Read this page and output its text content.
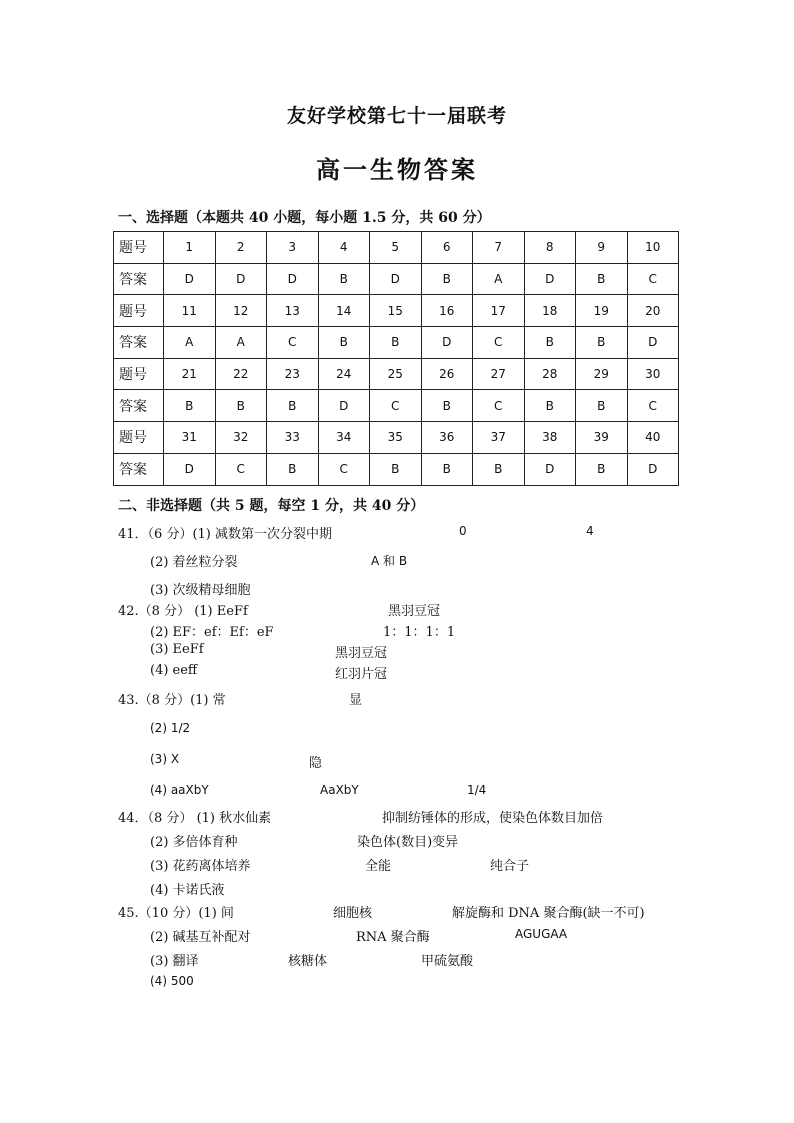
友好学校第七十一届联考
高一生物答案
一、选择题（本题共 40 小题，每小题 1.5 分，共 60 分）
题号	1	2	3	4	5	6	7	8	9	10
答案	D	D	D	B	D	B	A	D	B	C
题号	11	12	13	14	15	16	17	18	19	20
答案	A	A	C	B	B	D	C	B	B	D
题号	21	22	23	24	25	26	27	28	29	30
答案	B	B	B	D	C	B	C	B	B	C
题号	31	32	33	34	35	36	37	38	39	40
答案	D	C	B	C	B	B	B	D	B	D
二、非选择题（共 5 题，每空 1 分，共 40 分）
41．（6 分）(1) 减数第一次分裂中期	0	4
(2) 着丝粒分裂	A 和 B
(3) 次级精母细胞
42.（8 分） (1) EeFf	黑羽豆冠
(2) EF：ef：Ef：eF	1：1：1：1
(3) EeFf	黑羽豆冠
(4) eeff	红羽片冠
43.（8 分）(1) 常	显
(2) 1/2
(3) X	隐
(4) aaXbY	AaXbY	1/4
44．（8 分） (1) 秋水仙素	抑制纺锤体的形成，使染色体数目加倍
(2) 多倍体育种	染色体(数目)变异
(3) 花药离体培养	全能	纯合子
(4) 卡诺氏液
45.（10 分）(1) 间	细胞核	解旋酶和 DNA 聚合酶(缺一不可)
(2) 碱基互补配对	RNA 聚合酶	AGUGAA
(3) 翻译	核糖体	甲硫氨酸
(4) 500
